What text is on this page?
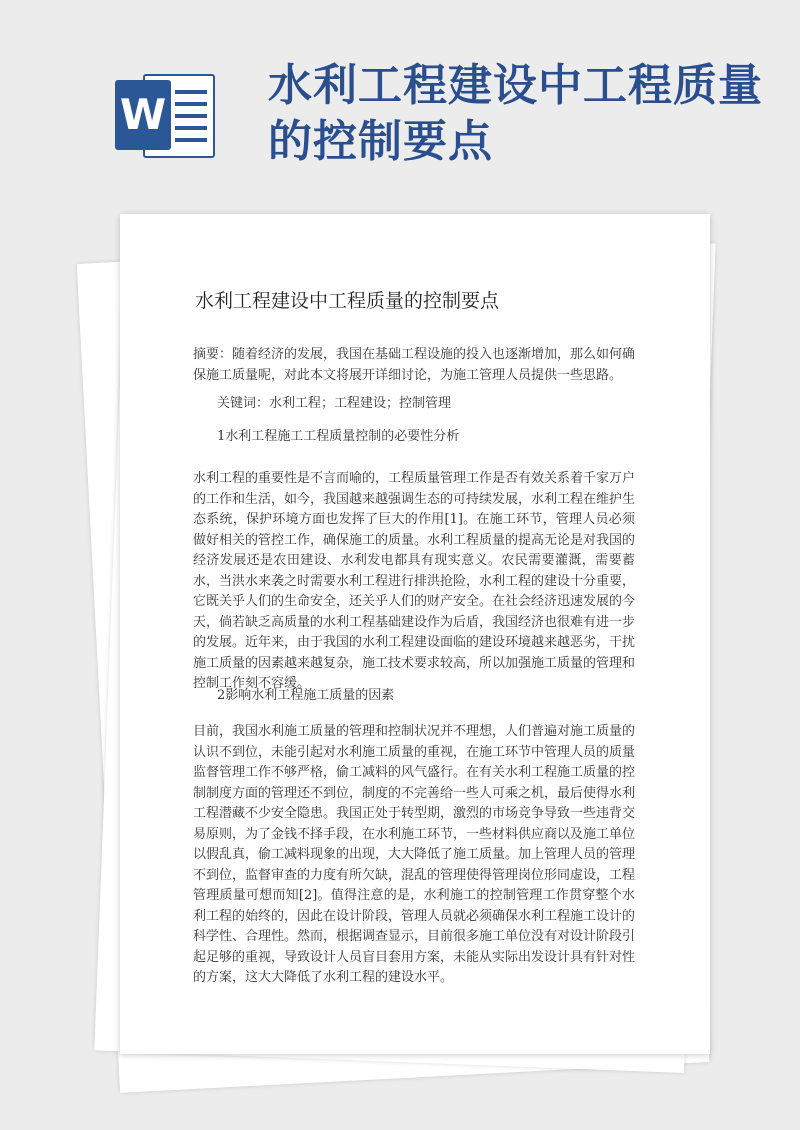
W
水利工程建设中工程质量的控制要点
水利工程建设中工程质量的控制要点
摘要：随着经济的发展，我国在基础工程设施的投入也逐渐增加，那么如何确保施工质量呢，对此本文将展开详细讨论，为施工管理人员提供一些思路。
关键词：水利工程；工程建设；控制管理
1水利工程施工工程质量控制的必要性分析
水利工程的重要性是不言而喻的，工程质量管理工作是否有效关系着千家万户的工作和生活，如今，我国越来越强调生态的可持续发展，水利工程在维护生态系统，保护环境方面也发挥了巨大的作用[1]。在施工环节，管理人员必须做好相关的管控工作，确保施工的质量。水利工程质量的提高无论是对我国的经济发展还是农田建设、水利发电都具有现实意义。农民需要灌溉，需要蓄水，当洪水来袭之时需要水利工程进行排洪抢险，水利工程的建设十分重要，它既关乎人们的生命安全，还关乎人们的财产安全。在社会经济迅速发展的今天，倘若缺乏高质量的水利工程基础建设作为后盾，我国经济也很难有进一步的发展。近年来，由于我国的水利工程建设面临的建设环境越来越恶劣，干扰施工质量的因素越来越复杂，施工技术要求较高，所以加强施工质量的管理和控制工作刻不容缓。
2影响水利工程施工质量的因素
目前，我国水利施工质量的管理和控制状况并不理想，人们普遍对施工质量的认识不到位，未能引起对水利施工质量的重视，在施工环节中管理人员的质量监督管理工作不够严格，偷工减料的风气盛行。在有关水利工程施工质量的控制制度方面的管理还不到位，制度的不完善给一些人可乘之机，最后使得水利工程潜藏不少安全隐患。我国正处于转型期，激烈的市场竞争导致一些违背交易原则，为了金钱不择手段，在水利施工环节，一些材料供应商以及施工单位以假乱真，偷工减料现象的出现，大大降低了施工质量。加上管理人员的管理不到位，监督审查的力度有所欠缺，混乱的管理使得管理岗位形同虚设，工程管理质量可想而知[2]。值得注意的是，水利施工的控制管理工作贯穿整个水利工程的始终的，因此在设计阶段，管理人员就必须确保水利工程施工设计的科学性、合理性。然而，根据调查显示，目前很多施工单位没有对设计阶段引起足够的重视，导致设计人员盲目套用方案，未能从实际出发设计具有针对性的方案，这大大降低了水利工程的建设水平。
